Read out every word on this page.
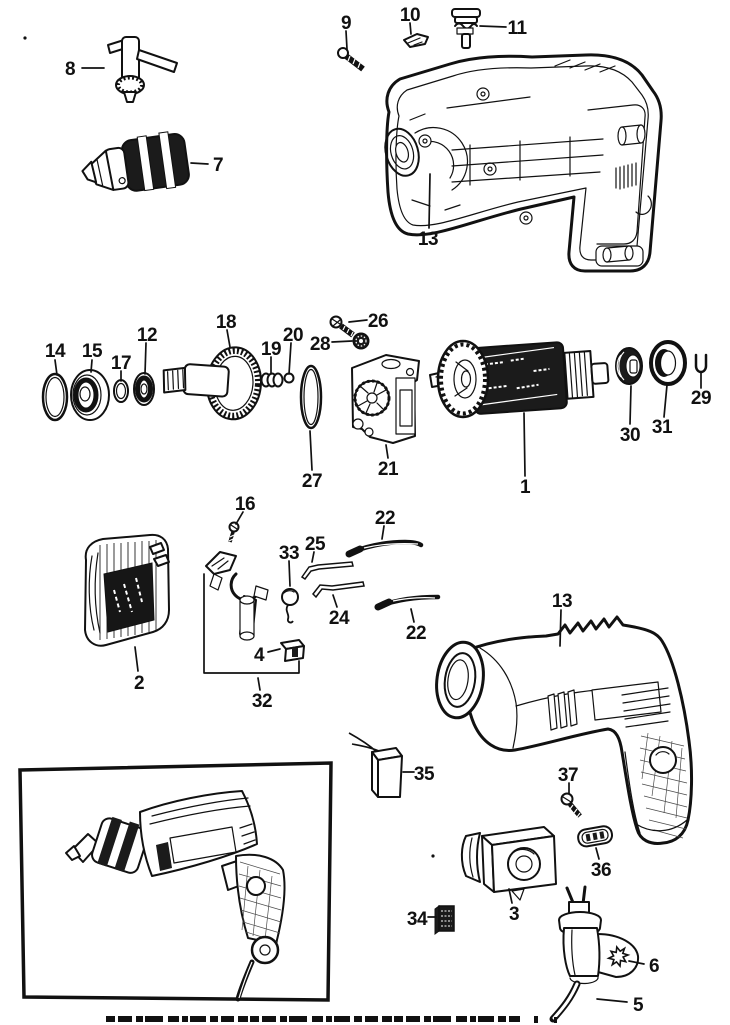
8
7
9	10
11
13
14 15
17
12
18
19
20
26
28
21
27	1
30 31
29
16
2
32
33 25
24
22
22
4
13
35	37
36
3
34
6
5
